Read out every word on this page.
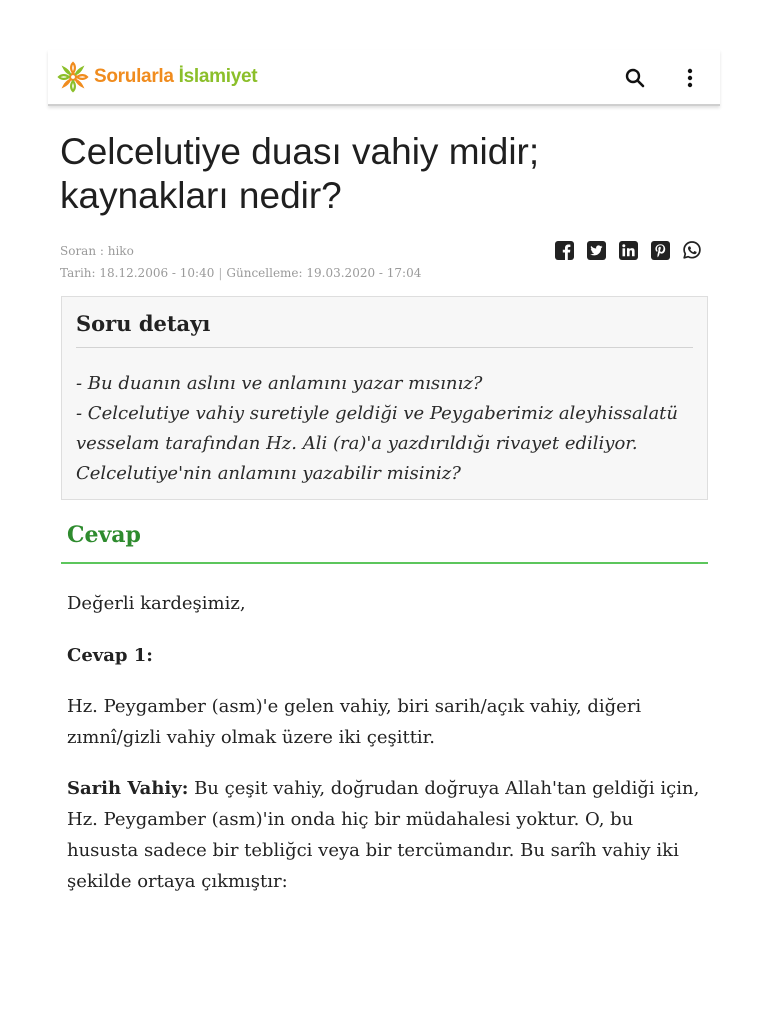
Sorularla İslamiyet
Celcelutiye duası vahiy midir; kaynakları nedir?
Soran : hiko
Tarih: 18.12.2006 - 10:40 | Güncelleme: 19.03.2020 - 17:04
Soru detayı
- Bu duanın aslını ve anlamını yazar mısınız?
- Celcelutiye vahiy suretiyle geldiği ve Peygaberimiz aleyhissalatü vesselam tarafından Hz. Ali (ra)'a yazdırıldığı rivayet ediliyor. Celcelutiye'nin anlamını yazabilir misiniz?
Cevap

Değerli kardeşimiz,

Cevap 1:

Hz. Peygamber (asm)'e gelen vahiy, biri sarih/açık vahiy, diğeri zımnî/gizli vahiy olmak üzere iki çeşittir.

Sarih Vahiy: Bu çeşit vahiy, doğrudan doğruya Allah'tan geldiği için, Hz. Peygamber (asm)'in onda hiç bir müdahalesi yoktur. O, bu hususta sadece bir tebliğci veya bir tercümandır. Bu sarîh vahiy iki şekilde ortaya çıkmıştır:
